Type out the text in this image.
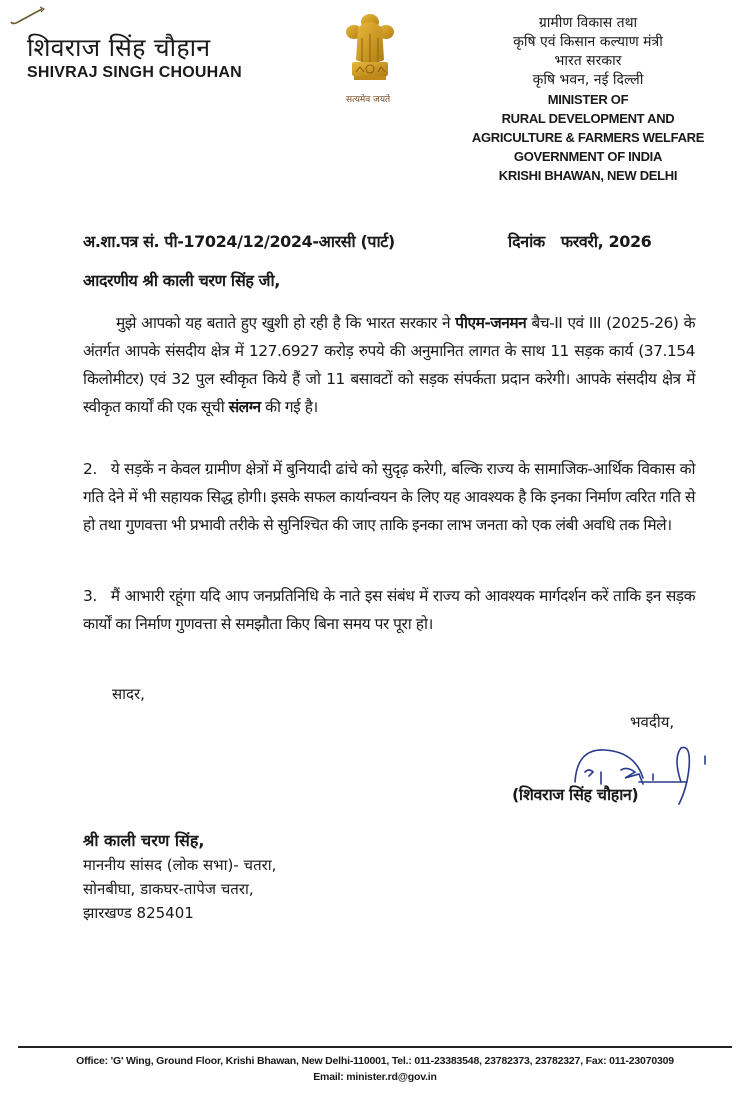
शिवराज सिंह चौहान
SHIVRAJ SINGH CHOUHAN
सत्यमेव जयते
ग्रामीण विकास तथा
कृषि एवं किसान कल्याण मंत्री
भारत सरकार
कृषि भवन, नई दिल्ली
MINISTER OF
RURAL DEVELOPMENT AND
AGRICULTURE & FARMERS WELFARE
GOVERNMENT OF INDIA
KRISHI BHAWAN, NEW DELHI
अ.शा.पत्र सं. पी-17024/12/2024-आरसी (पार्ट)	दिनांक फरवरी, 2026
आदरणीय श्री काली चरण सिंह जी,
मुझे आपको यह बताते हुए खुशी हो रही है कि भारत सरकार ने पीएम-जनमन बैच-II एवं III (2025-26) के अंतर्गत आपके संसदीय क्षेत्र में 127.6927 करोड़ रुपये की अनुमानित लागत के साथ 11 सड़क कार्य (37.154 किलोमीटर) एवं 32 पुल स्वीकृत किये हैं जो 11 बसावटों को सड़क संपर्कता प्रदान करेगी। आपके संसदीय क्षेत्र में स्वीकृत कार्यों की एक सूची संलग्न की गई है।
2. ये सड़कें न केवल ग्रामीण क्षेत्रों में बुनियादी ढांचे को सुदृढ़ करेगी, बल्कि राज्य के सामाजिक-आर्थिक विकास को गति देने में भी सहायक सिद्ध होगी। इसके सफल कार्यान्वयन के लिए यह आवश्यक है कि इनका निर्माण त्वरित गति से हो तथा गुणवत्ता भी प्रभावी तरीके से सुनिश्चित की जाए ताकि इनका लाभ जनता को एक लंबी अवधि तक मिले।
3. मैं आभारी रहूंगा यदि आप जनप्रतिनिधि के नाते इस संबंध में राज्य को आवश्यक मार्गदर्शन करें ताकि इन सड़क कार्यों का निर्माण गुणवत्ता से समझौता किए बिना समय पर पूरा हो।
सादर,
भवदीय,
(शिवराज सिंह चौहान)
श्री काली चरण सिंह,
माननीय सांसद (लोक सभा)- चतरा,
सोनबीघा, डाकघर-तापेज चतरा,
झारखण्ड 825401
Office: 'G' Wing, Ground Floor, Krishi Bhawan, New Delhi-110001, Tel.: 011-23383548, 23782373, 23782327, Fax: 011-23070309
Email: minister.rd@gov.in
